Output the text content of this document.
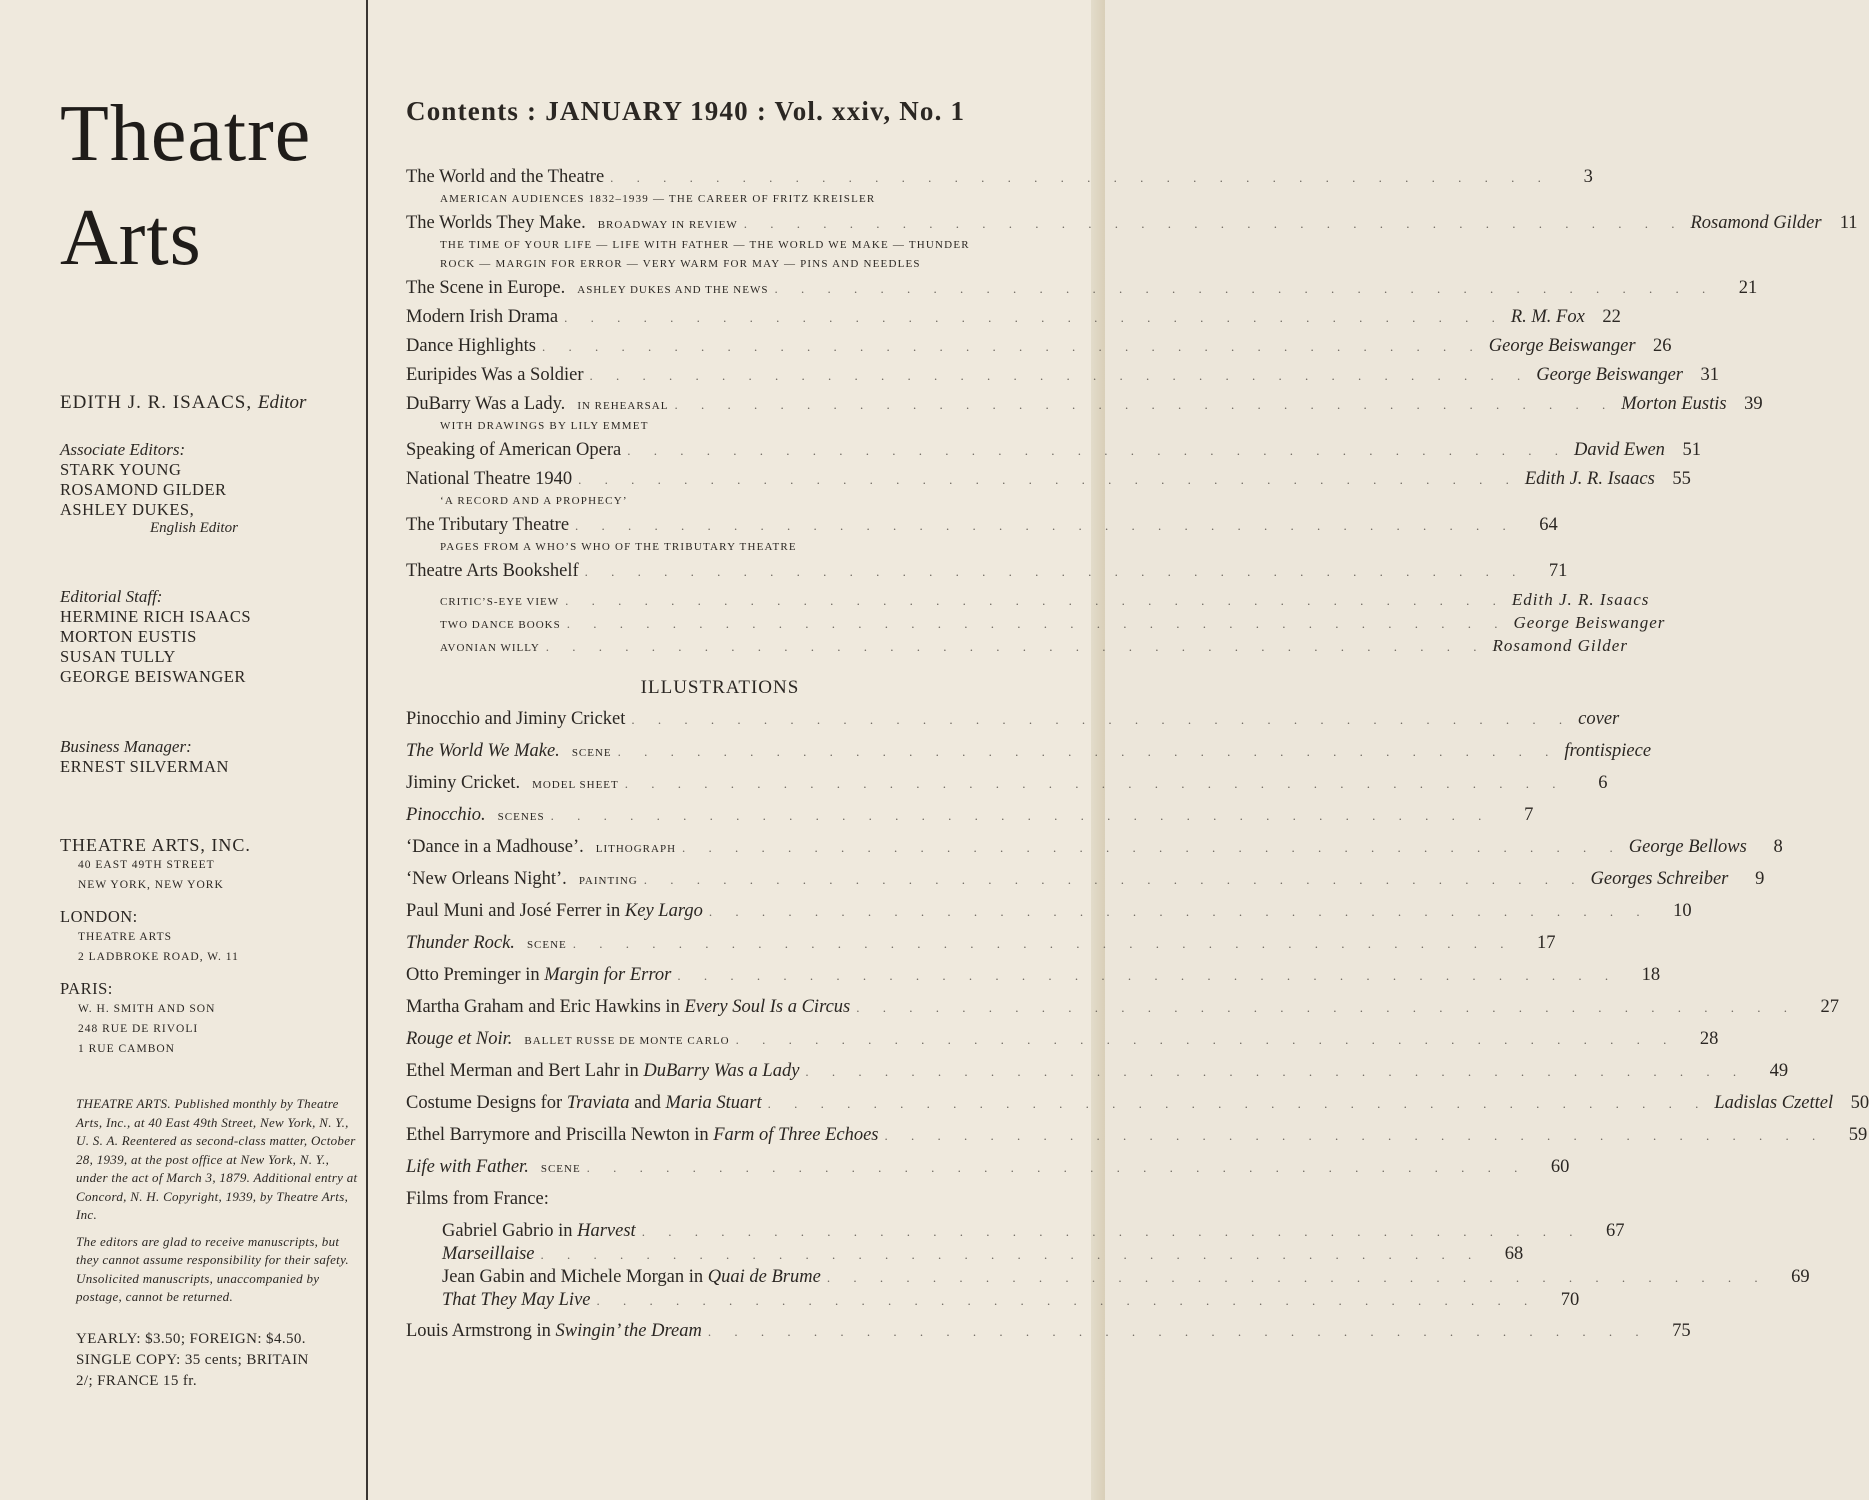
Theatre
Arts
EDITH J. R. ISAACS, Editor
Associate Editors:
STARK YOUNG
ROSAMOND GILDER
ASHLEY DUKES,
English Editor
Editorial Staff:
HERMINE RICH ISAACS
MORTON EUSTIS
SUSAN TULLY
GEORGE BEISWANGER
Business Manager:
ERNEST SILVERMAN
THEATRE ARTS, INC.
40 EAST 49TH STREET
NEW YORK, NEW YORK
LONDON:
THEATRE ARTS
2 LADBROKE ROAD, W. 11
PARIS:
W. H. SMITH AND SON
248 RUE DE RIVOLI
1 RUE CAMBON
THEATRE ARTS. Published monthly by Theatre Arts, Inc., at 40 East 49th Street, New York, N. Y., U. S. A. Reentered as second-class matter, October 28, 1939, at the post office at New York, N. Y., under the act of March 3, 1879. Additional entry at Concord, N. H. Copyright, 1939, by Theatre Arts, Inc.
The editors are glad to receive manuscripts, but they cannot assume responsibility for their safety. Unsolicited manuscripts, unaccompanied by postage, cannot be returned.
YEARLY: $3.50; FOREIGN: $4.50.
SINGLE COPY: 35 cents; BRITAIN
2/; FRANCE 15 fr.
Contents : JANUARY 1940 : Vol. xxiv, No. 1
The World and the Theatre . . . . . . . . . . . . . . . . . . . . . . . . . . . . . . . . . . . .	3
AMERICAN AUDIENCES 1832–1939 — THE CAREER OF FRITZ KREISLER
The Worlds They Make. BROADWAY IN REVIEW . . . . . . . . . . . . . . . . . . . . . . . . . . . . . . . . . . . . Rosamond Gilder 11
THE TIME OF YOUR LIFE — LIFE WITH FATHER — THE WORLD WE MAKE — THUNDER ROCK — MARGIN FOR ERROR — VERY WARM FOR MAY — PINS AND NEEDLES
The Scene in Europe. ASHLEY DUKES AND THE NEWS . . . . . . . . . . . . . . . . . . . . . . . . . . . . . . . . . . . .	21
Modern Irish Drama . . . . . . . . . . . . . . . . . . . . . . . . . . . . . . . . . . . . R. M. Fox 22
Dance Highlights . . . . . . . . . . . . . . . . . . . . . . . . . . . . . . . . . . . . George Beiswanger 26
Euripides Was a Soldier . . . . . . . . . . . . . . . . . . . . . . . . . . . . . . . . . . . . George Beiswanger 31
DuBarry Was a Lady. IN REHEARSAL . . . . . . . . . . . . . . . . . . . . . . . . . . . . . . . . . . . . Morton Eustis 39
WITH DRAWINGS BY LILY EMMET
Speaking of American Opera . . . . . . . . . . . . . . . . . . . . . . . . . . . . . . . . . . . . David Ewen 51
National Theatre 1940 . . . . . . . . . . . . . . . . . . . . . . . . . . . . . . . . . . . . Edith J. R. Isaacs 55
‘A RECORD AND A PROPHECY’
The Tributary Theatre . . . . . . . . . . . . . . . . . . . . . . . . . . . . . . . . . . . .	64
PAGES FROM A WHO’S WHO OF THE TRIBUTARY THEATRE
Theatre Arts Bookshelf . . . . . . . . . . . . . . . . . . . . . . . . . . . . . . . . . . . .	71
CRITIC’S-EYE VIEW . . . . . . . . . . . . . . . . . . . . . . . . . . . . . . . . . . . . Edith J. R. Isaacs
TWO DANCE BOOKS . . . . . . . . . . . . . . . . . . . . . . . . . . . . . . . . . . . . George Beiswanger
AVONIAN WILLY . . . . . . . . . . . . . . . . . . . . . . . . . . . . . . . . . . . . Rosamond Gilder
ILLUSTRATIONS
Pinocchio and Jiminy Cricket . . . . . . . . . . . . . . . . . . . . . . . . . . . . . . . . . . . . cover
The World We Make. SCENE . . . . . . . . . . . . . . . . . . . . . . . . . . . . . . . . . . . . frontispiece
Jiminy Cricket. MODEL SHEET . . . . . . . . . . . . . . . . . . . . . . . . . . . . . . . . . . . .	6
Pinocchio. SCENES . . . . . . . . . . . . . . . . . . . . . . . . . . . . . . . . . . . .	7
‘Dance in a Madhouse’. LITHOGRAPH . . . . . . . . . . . . . . . . . . . . . . . . . . . . . . . . . . . . George Bellows	8
‘New Orleans Night’. PAINTING . . . . . . . . . . . . . . . . . . . . . . . . . . . . . . . . . . . . Georges Schreiber	9
Paul Muni and José Ferrer in Key Largo . . . . . . . . . . . . . . . . . . . . . . . . . . . . . . . . . . . .	10
Thunder Rock. SCENE . . . . . . . . . . . . . . . . . . . . . . . . . . . . . . . . . . . .	17
Otto Preminger in Margin for Error . . . . . . . . . . . . . . . . . . . . . . . . . . . . . . . . . . . .	18
Martha Graham and Eric Hawkins in Every Soul Is a Circus . . . . . . . . . . . . . . . . . . . . . . . . . . . . . . . . . . . .	27
Rouge et Noir. BALLET RUSSE DE MONTE CARLO . . . . . . . . . . . . . . . . . . . . . . . . . . . . . . . . . . . .	28
Ethel Merman and Bert Lahr in DuBarry Was a Lady . . . . . . . . . . . . . . . . . . . . . . . . . . . . . . . . . . . .	49
Costume Designs for Traviata and Maria Stuart . . . . . . . . . . . . . . . . . . . . . . . . . . . . . . . . . . . . Ladislas Czettel 50
Ethel Barrymore and Priscilla Newton in Farm of Three Echoes . . . . . . . . . . . . . . . . . . . . . . . . . . . . . . . . . . . .	59
Life with Father. SCENE . . . . . . . . . . . . . . . . . . . . . . . . . . . . . . . . . . . .	60
Films from France:
Gabriel Gabrio in Harvest . . . . . . . . . . . . . . . . . . . . . . . . . . . . . . . . . . . .	67
Marseillaise . . . . . . . . . . . . . . . . . . . . . . . . . . . . . . . . . . . .	68
Jean Gabin and Michele Morgan in Quai de Brume . . . . . . . . . . . . . . . . . . . . . . . . . . . . . . . . . . . .	69
That They May Live . . . . . . . . . . . . . . . . . . . . . . . . . . . . . . . . . . . .	70
Louis Armstrong in Swingin’ the Dream . . . . . . . . . . . . . . . . . . . . . . . . . . . . . . . . . . . .	75
